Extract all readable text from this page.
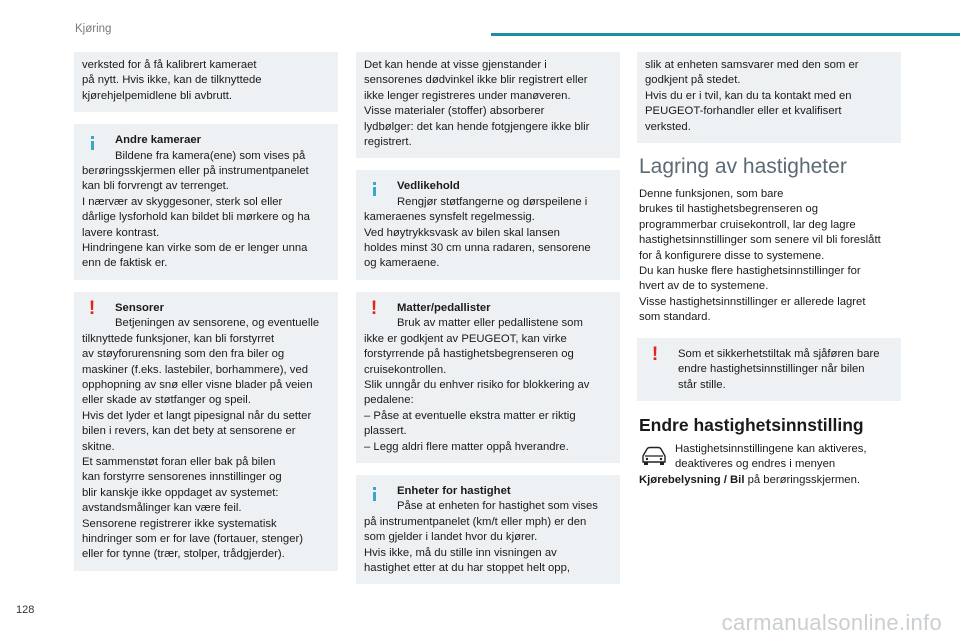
Kjøring
verksted for å få kalibrert kameraet
på nytt. Hvis ikke, kan de tilknyttede
kjørehjelpemidlene bli avbrutt.
Andre kameraer
Bildene fra kamera(ene) som vises på
berøringsskjermen eller på instrumentpanelet
kan bli forvrengt av terrenget.
I nærvær av skyggesoner, sterk sol eller
dårlige lysforhold kan bildet bli mørkere og ha
lavere kontrast.
Hindringene kan virke som de er lenger unna
enn de faktisk er.
!	Sensorer
Betjeningen av sensorene, og eventuelle
tilknyttede funksjoner, kan bli forstyrret
av støyforurensning som den fra biler og
maskiner (f.eks. lastebiler, borhammere), ved
opphopning av snø eller visne blader på veien
eller skade av støtfanger og speil.
Hvis det lyder et langt pipesignal når du setter
bilen i revers, kan det bety at sensorene er
skitne.
Et sammenstøt foran eller bak på bilen
kan forstyrre sensorenes innstillinger og
blir kanskje ikke oppdaget av systemet:
avstandsmålinger kan være feil.
Sensorene registrerer ikke systematisk
hindringer som er for lave (fortauer, stenger)
eller for tynne (trær, stolper, trådgjerder).
Det kan hende at visse gjenstander i
sensorenes dødvinkel ikke blir registrert eller
ikke lenger registreres under manøveren.
Visse materialer (stoffer) absorberer
lydbølger: det kan hende fotgjengere ikke blir
registrert.
Vedlikehold
Rengjør støtfangerne og dørspeilene i
kameraenes synsfelt regelmessig.
Ved høytrykksvask av bilen skal lansen
holdes minst 30 cm unna radaren, sensorene
og kameraene.
!	Matter/pedallister
Bruk av matter eller pedallistene som
ikke er godkjent av PEUGEOT, kan virke
forstyrrende på hastighetsbegrenseren og
cruisekontrollen.
Slik unngår du enhver risiko for blokkering av
pedalene:
– Påse at eventuelle ekstra matter er riktig
plassert.
– Legg aldri flere matter oppå hverandre.
Enheter for hastighet
Påse at enheten for hastighet som vises
på instrumentpanelet (km/t eller mph) er den
som gjelder i landet hvor du kjører.
Hvis ikke, må du stille inn visningen av
hastighet etter at du har stoppet helt opp,
slik at enheten samsvarer med den som er
godkjent på stedet.
Hvis du er i tvil, kan du ta kontakt med en
PEUGEOT-forhandler eller et kvalifisert
verksted.
Lagring av hastigheter
Denne funksjonen, som bare
brukes til hastighetsbegrenseren og
programmerbar cruisekontroll, lar deg lagre
hastighetsinnstillinger som senere vil bli foreslått
for å konfigurere disse to systemene.
Du kan huske flere hastighetsinnstillinger for
hvert av de to systemene.
Visse hastighetsinnstillinger er allerede lagret
som standard.
!	Som et sikkerhetstiltak må sjåføren bare
endre hastighetsinnstillinger når bilen
står stille.
Endre hastighetsinnstilling
Hastighetsinnstillingene kan aktiveres,
deaktiveres og endres i menyen
Kjørebelysning / Bil på berøringsskjermen.
128	carmanualsonline.info
